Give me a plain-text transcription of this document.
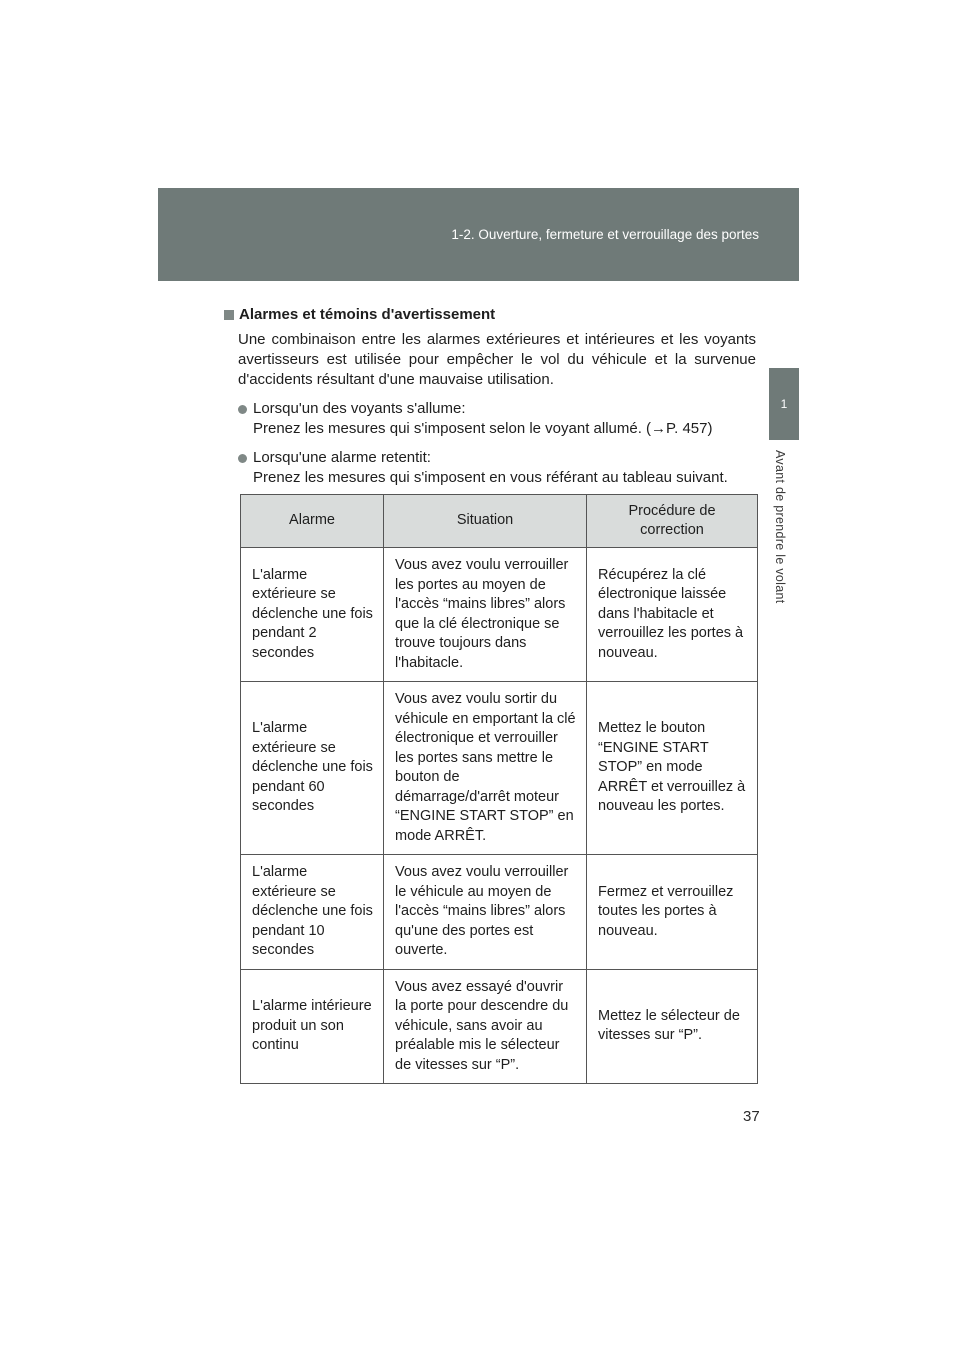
1-2. Ouverture, fermeture et verrouillage des portes
1
Avant de prendre le volant
Alarmes et témoins d'avertissement
Une combinaison entre les alarmes extérieures et intérieures et les voyants avertisseurs est utilisée pour empêcher le vol du véhicule et la survenue d'accidents résultant d'une mauvaise utilisation.
Lorsqu'un des voyants s'allume:
Prenez les mesures qui s'imposent selon le voyant allumé. (→P. 457)
Lorsqu'une alarme retentit:
Prenez les mesures qui s'imposent en vous référant au tableau suivant.
Alarme	Situation	Procédure de correction
L'alarme extérieure se déclenche une fois pendant 2 secondes	Vous avez voulu verrouiller les portes au moyen de l'accès “mains libres” alors que la clé électronique se trouve toujours dans l'habitacle.	Récupérez la clé électronique laissée dans l'habitacle et verrouillez les portes à nouveau.
L'alarme extérieure se déclenche une fois pendant 60 secondes	Vous avez voulu sortir du véhicule en emportant la clé électronique et verrouiller les portes sans mettre le bouton de démarrage/d'arrêt moteur “ENGINE START STOP” en mode ARRÊT.	Mettez le bouton “ENGINE START STOP” en mode ARRÊT et verrouillez à nouveau les portes.
L'alarme extérieure se déclenche une fois pendant 10 secondes	Vous avez voulu verrouiller le véhicule au moyen de l'accès “mains libres” alors qu'une des portes est ouverte.	Fermez et verrouillez toutes les portes à nouveau.
L'alarme intérieure produit un son continu	Vous avez essayé d'ouvrir la porte pour descendre du véhicule, sans avoir au préalable mis le sélecteur de vitesses sur “P”.	Mettez le sélecteur de vitesses sur “P”.
37
